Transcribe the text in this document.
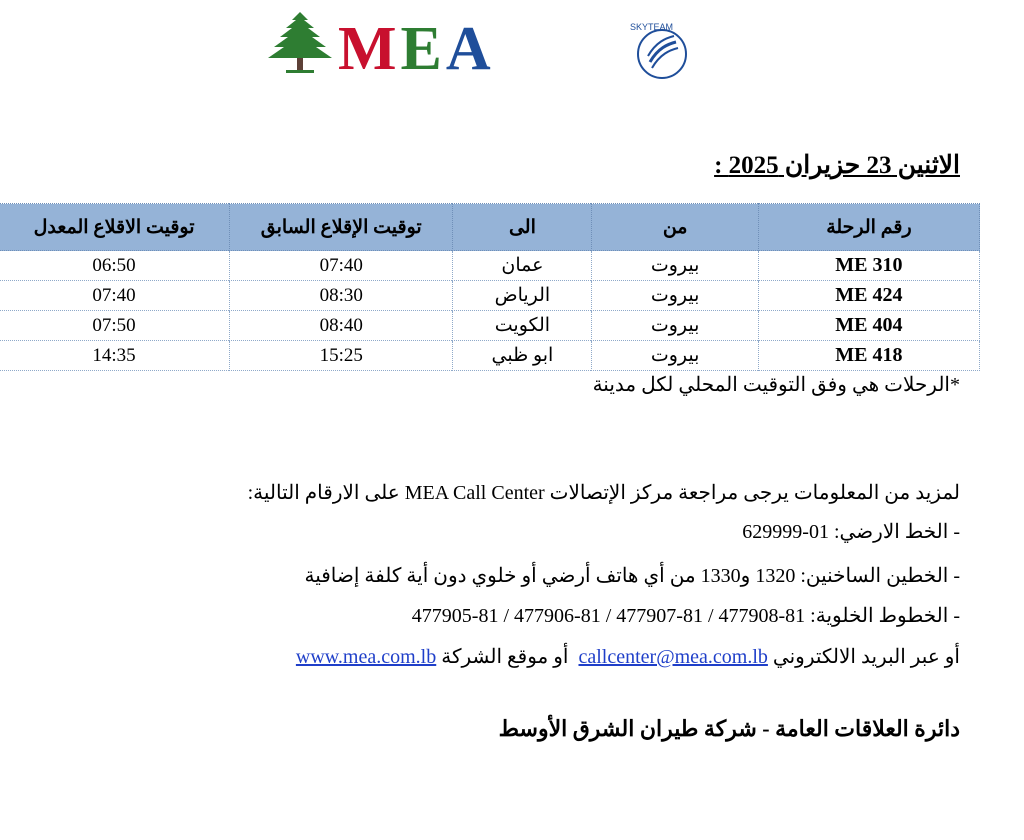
MEA	SKYTEAM
الاثنين 23 حزيران 2025 :
رقم الرحلة	من	الى	توقيت الإقلاع السابق	توقيت الاقلاع المعدل
ME 310	بيروت	عمان	07:40	06:50
ME 424	بيروت	الرياض	08:30	07:40
ME 404	بيروت	الكويت	08:40	07:50
ME 418	بيروت	ابو ظبي	15:25	14:35
*الرحلات هي وفق التوقيت المحلي لكل مدينة
لمزيد من المعلومات يرجى مراجعة مركز الإتصالات MEA Call Center على الارقام التالية:
- الخط الارضي: 01-629999
- الخطين الساخنين: 1320 و1330 من أي هاتف أرضي أو خلوي دون أية كلفة إضافية
- الخطوط الخلوية: 81-477908 / 81-477907 / 81-477906 / 81-477905
أو عبر البريد الالكتروني callcenter@mea.com.lb  أو موقع الشركة www.mea.com.lb
دائرة العلاقات العامة - شركة طيران الشرق الأوسط
